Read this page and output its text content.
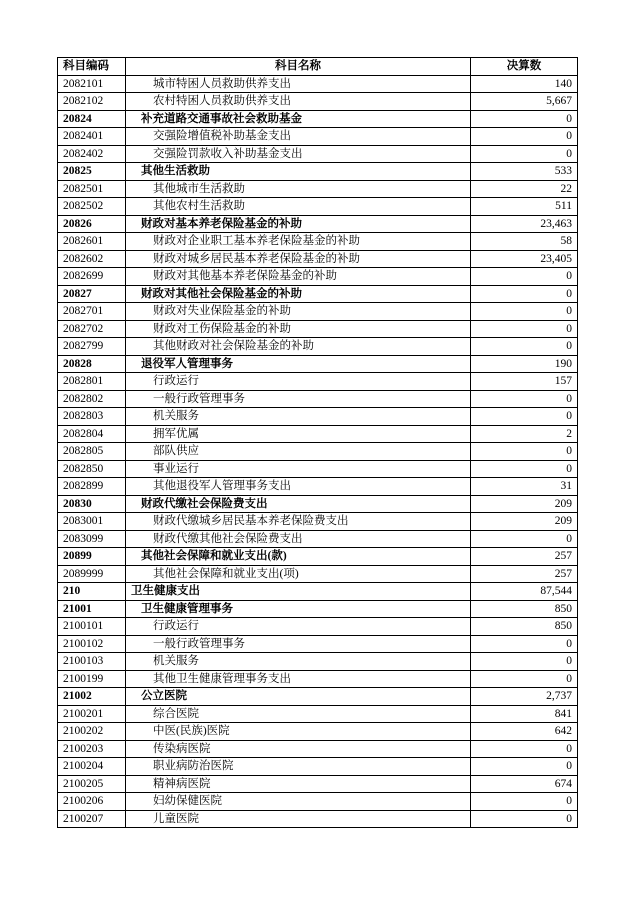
科目编码	科目名称	决算数
2082101	城市特困人员救助供养支出	140
2082102	农村特困人员救助供养支出	5,667
20824	补充道路交通事故社会救助基金	0
2082401	交强险增值税补助基金支出	0
2082402	交强险罚款收入补助基金支出	0
20825	其他生活救助	533
2082501	其他城市生活救助	22
2082502	其他农村生活救助	511
20826	财政对基本养老保险基金的补助	23,463
2082601	财政对企业职工基本养老保险基金的补助	58
2082602	财政对城乡居民基本养老保险基金的补助	23,405
2082699	财政对其他基本养老保险基金的补助	0
20827	财政对其他社会保险基金的补助	0
2082701	财政对失业保险基金的补助	0
2082702	财政对工伤保险基金的补助	0
2082799	其他财政对社会保险基金的补助	0
20828	退役军人管理事务	190
2082801	行政运行	157
2082802	一般行政管理事务	0
2082803	机关服务	0
2082804	拥军优属	2
2082805	部队供应	0
2082850	事业运行	0
2082899	其他退役军人管理事务支出	31
20830	财政代缴社会保险费支出	209
2083001	财政代缴城乡居民基本养老保险费支出	209
2083099	财政代缴其他社会保险费支出	0
20899	其他社会保障和就业支出(款)	257
2089999	其他社会保障和就业支出(项)	257
210	卫生健康支出	87,544
21001	卫生健康管理事务	850
2100101	行政运行	850
2100102	一般行政管理事务	0
2100103	机关服务	0
2100199	其他卫生健康管理事务支出	0
21002	公立医院	2,737
2100201	综合医院	841
2100202	中医(民族)医院	642
2100203	传染病医院	0
2100204	职业病防治医院	0
2100205	精神病医院	674
2100206	妇幼保健医院	0
2100207	儿童医院	0
